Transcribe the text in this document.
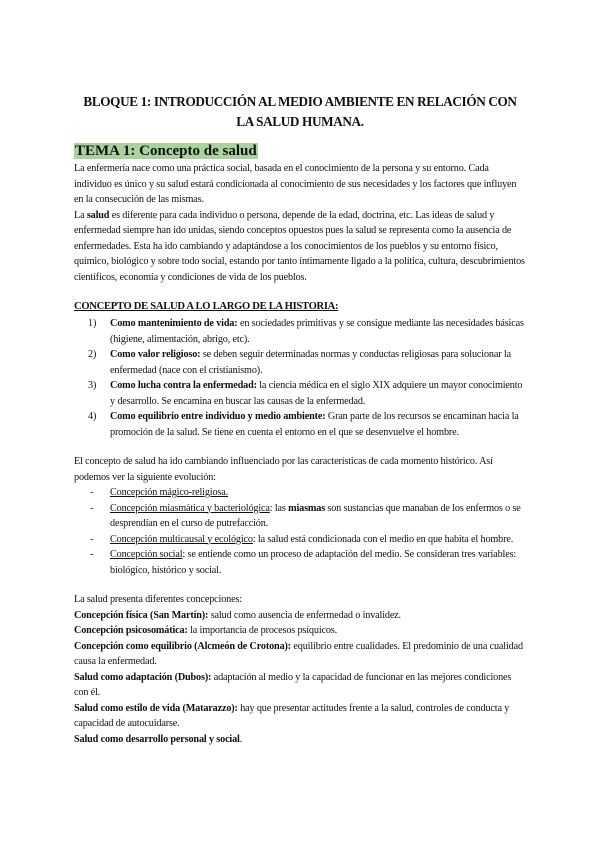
BLOQUE 1: INTRODUCCIÓN AL MEDIO AMBIENTE EN RELACIÓN CON LA SALUD HUMANA.
TEMA 1: Concepto de salud

La enfermería nace como una práctica social, basada en el conocimiento de la persona y su entorno. Cada individuo es único y su salud estará condicionada al conocimiento de sus necesidades y los factores que influyen en la consecución de las mismas.

La salud es diferente para cada individuo o persona, depende de la edad, doctrina, etc. Las ideas de salud y enfermedad siempre han ido unidas, siendo conceptos opuestos pues la salud se representa como la ausencia de enfermedades. Esta ha ido cambiando y adaptándose a los conocimientos de los pueblos y su entorno físico, químico, biológico y sobre todo social, estando por tanto íntimamente ligado a la política, cultura, descubrimientos científicos, economía y condiciones de vida de los pueblos.

CONCEPTO DE SALUD A LO LARGO DE LA HISTORIA:
1) Como mantenimiento de vida: en sociedades primitivas y se consigue mediante las necesidades básicas (higiene, alimentación, abrigo, etc).
2) Como valor religioso: se deben seguir determinadas normas y conductas religiosas para solucionar la enfermedad (nace con el cristianismo).
3) Como lucha contra la enfermedad: la ciencia médica en el siglo XIX adquiere un mayor conocimiento y desarrollo. Se encamina en buscar las causas de la enfermedad.
4) Como equilibrio entre individuo y medio ambiente: Gran parte de los recursos se encaminan hacia la promoción de la salud. Se tiene en cuenta el entorno en el que se desenvuelve el hombre.

El concepto de salud ha ido cambiando influenciado por las características de cada momento histórico. Así podemos ver la siguiente evolución:

- Concepción mágico-religiosa.
- Concepción miasmática y bacteriológica: las miasmas son sustancias que manaban de los enfermos o se desprendían en el curso de putrefacción.
- Concepción multicausal y ecológico: la salud está condicionada con el medio en que habita el hombre.
- Concepción social: se entiende como un proceso de adaptación del medio. Se consideran tres variables: biológico, histórico y social.

La salud presenta diferentes concepciones:

Concepción física (San Martín): salud como ausencia de enfermedad o invalidez.

Concepción psicosomática: la importancia de procesos psíquicos.

Concepción como equilibrio (Alcmeón de Crotona): equilibrio entre cualidades. El predominio de una cualidad causa la enfermedad.

Salud como adaptación (Dubos): adaptación al medio y la capacidad de funcionar en las mejores condiciones con él.

Salud como estilo de vida (Matarazzo): hay que presentar actitudes frente a la salud, controles de conducta y capacidad de autocuidarse.

Salud como desarrollo personal y social.
